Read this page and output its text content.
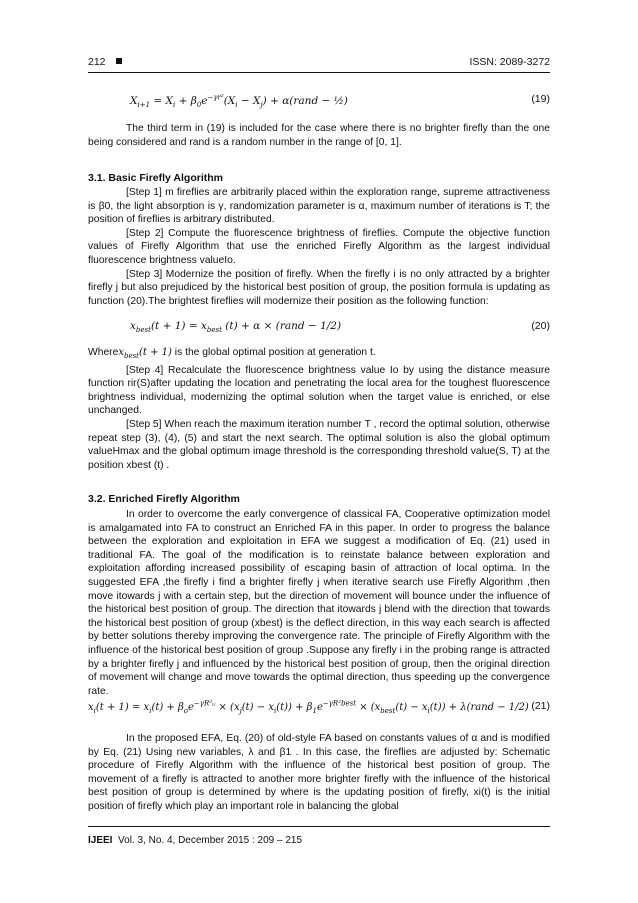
212	ISSN: 2089-3272
$X_{i+1} = X_i + \beta_0e^{-\gamma r^2}(X_i - X_j)$ + α(rand − ½)	(19)

The third term in (19) is included for the case where there is no brighter firefly than the one being considered and rand is a random number in the range of [0, 1].

3.1. Basic Firefly Algorithm

[Step 1] m fireflies are arbitrarily placed within the exploration range, supreme attractiveness is β0, the light absorption is γ, randomization parameter is α, maximum number of iterations is T; the position of fireflies is arbitrary distributed.

[Step 2] Compute the fluorescence brightness of fireflies. Compute the objective function values of Firefly Algorithm that use the enriched Firefly Algorithm as the largest individual fluorescence brightness valueIo.

[Step 3] Modernize the position of firefly. When the firefly i is no only attracted by a brighter firefly j but also prejudiced by the historical best position of group, the position formula is updating as function (20).The brightest fireflies will modernize their position as the following function:

$x_{best}(t + 1) = x_{best}$ (t) + α × (rand − 1/2)	(20)

Wherex$_{best}$(t + 1) is the global optimal position at generation t.

[Step 4] Recalculate the fluorescence brightness value Io by using the distance measure function rir(S)after updating the location and penetrating the local area for the toughest fluorescence brightness individual, modernizing the optimal solution when the target value is enriched, or else unchanged.

[Step 5] When reach the maximum iteration number T , record the optimal solution, otherwise repeat step (3), (4), (5) and start the next search. The optimal solution is also the global optimum valueHmax and the global optimum image threshold is the corresponding threshold value(S, T) at the position xbest (t) .

3.2. Enriched Firefly Algorithm

In order to overcome the early convergence of classical FA, Cooperative optimization model is amalgamated into FA to construct an Enriched FA in this paper. In order to progress the balance between the exploration and exploitation in EFA we suggest a modification of Eq. (21) used in traditional FA. The goal of the modification is to reinstate balance between exploration and exploitation affording increased possibility of escaping basin of attraction of local optima. In the suggested EFA ,the firefly i find a brighter firefly j when iterative search use Firefly Algorithm ,then move itowards j with a certain step, but the direction of movement will bounce under the influence of the historical best position of group. The direction that itowards j blend with the direction that towards the historical best position of group (xbest) is the deflect direction, in this way each search is affected by better solutions thereby improving the convergence rate. The principle of Firefly Algorithm with the influence of the historical best position of group .Suppose any firefly i in the probing range is attracted by a brighter firefly j and influenced by the historical best position of group, then the original direction of movement will change and move towards the optimal direction, thus speeding up the convergence rate.

$x_i(t + 1) = x_i(t) + \beta_oe^{-\gamma R^2ᵢⱼ} \times (x_j(t) - x_i(t)) + \beta_1e^{-\gamma R^2best} \times (x_{best}(t) - x_i(t))$ + λ(rand − 1/2) (21)

In the proposed EFA, Eq. (20) of old-style FA based on constants values of α and is modified by Eq. (21) Using new variables, λ and β1 . In this case, the fireflies are adjusted by: Schematic procedure of Firefly Algorithm with the influence of the historical best position of group. The movement of a firefly is attracted to another more brighter firefly with the influence of the historical best position of group is determined by where is the updating position of firefly, xi(t) is the initial position of firefly which play an important role in balancing the global

IJEEI Vol. 3, No. 4, December 2015 : 209 – 215
